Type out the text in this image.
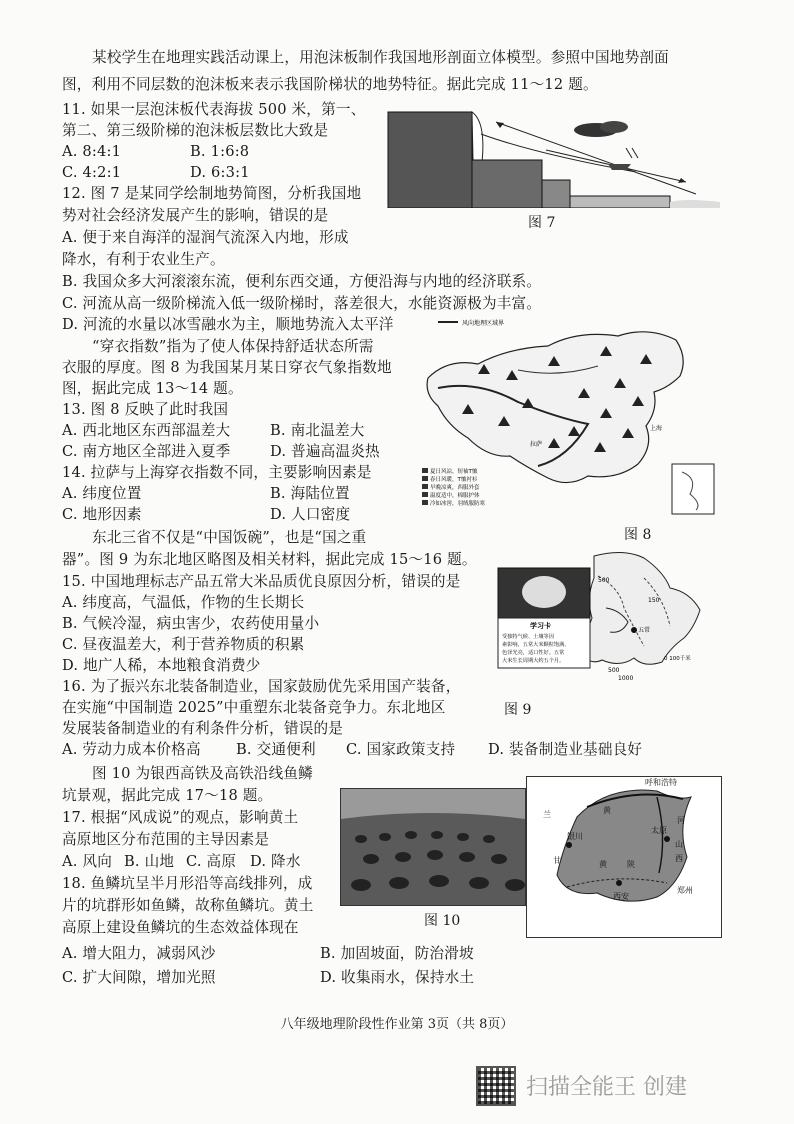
某校学生在地理实践活动课上，用泡沫板制作我国地形剖面立体模型。参照中国地势剖面
图，利用不同层数的泡沫板来表示我国阶梯状的地势特征。据此完成 11～12 题。
11. 如果一层泡沫板代表海拔 500 米，第一、
第二、第三级阶梯的泡沫板层数比大致是
A. 8:4:1	B. 1:6:8
C. 4:2:1	D. 6:3:1
图 7
12. 图 7 是某同学绘制地势简图，分析我国地
势对社会经济发展产生的影响，错误的是
A. 便于来自海洋的湿润气流深入内地，形成
降水，有利于农业生产。
B. 我国众多大河滚滚东流，便利东西交通，方便沿海与内地的经济联系。
C. 河流从高一级阶梯流入低一级阶梯时，落差很大，水能资源极为丰富。
D. 河流的水量以冰雪融水为主，顺地势流入太平洋
“穿衣指数”指为了使人体保持舒适状态所需
衣服的厚度。图 8 为我国某月某日穿衣气象指数地
图，据此完成 13～14 题。
风向地理区域界
拉萨
上海
夏日风凉，短袖T恤
春日风暖，T恤衬衫
早晚凉爽，西服外套
温度适中，棉服护体
冷如冰窖，羽绒服防寒
图 8
13. 图 8 反映了此时我国
A. 西北地区东西部温差大	B. 南北温差大
C. 南方地区全部进入夏季	D. 普遍高温炎热
14. 拉萨与上海穿衣指数不同，主要影响因素是
A. 纬度位置	B. 海陆位置
C. 地形因素	D. 人口密度
东北三省不仅是“中国饭碗”，也是“国之重
器”。图 9 为东北地区略图及相关材料，据此完成 15～16 题。
五常
500
150
1000
500
0 100千米
学习卡
受独特气候、土壤等因
素影响，五常大米颗粒饱满、
色泽光亮，适口性好。五常
大米生长周期大约五个月。
图 9
15. 中国地理标志产品五常大米品质优良原因分析，错误的是
A. 纬度高，气温低，作物的生长期长
B. 气候冷湿，病虫害少，农药使用量小
C. 昼夜温差大，利于营养物质的积累
D. 地广人稀，本地粮食消费少
16. 为了振兴东北装备制造业，国家鼓励优先采用国产装备，
在实施“中国制造 2025”中重塑东北装备竞争力。东北地区
发展装备制造业的有利条件分析，错误的是
A. 劳动力成本价格高 B. 交通便利 C. 国家政策支持 D. 装备制造业基础良好
图 10 为银西高铁及高铁沿线鱼鳞
坑景观，据此完成 17～18 题。
图 10
呼和浩特
兰
银川
黄
山
西
河
郑州
太原
西安
甘	黄	陕
17. 根据“风成说”的观点，影响黄土
高原地区分布范围的主导因素是
A. 风向 B. 山地 C. 高原 D. 降水
18. 鱼鳞坑呈半月形沿等高线排列，成
片的坑群形如鱼鳞，故称鱼鳞坑。黄土
高原上建设鱼鳞坑的生态效益体现在
A. 增大阻力，减弱风沙	B. 加固坡面，防治滑坡
C. 扩大间隙，增加光照	D. 收集雨水，保持水土
八年级地理阶段性作业第 3页（共 8页）
扫描全能王 创建
